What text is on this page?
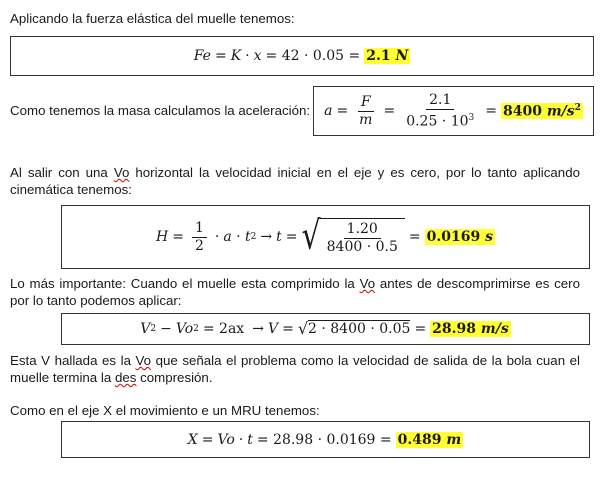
Aplicando la fuerza elástica del muelle tenemos:
Fe = K · x = 42 · 0.05 = 2.1 N
Como tenemos la masa calculamos la aceleración: $a = \frac{F}{m} = \frac{2.1}{0.25 \cdot 10^3} = 8400$ $m/s^2$
Al salir con una Vo horizontal la velocidad inicial en el eje y es cero, por lo tanto aplicando cinemática tenemos:
$H = \frac{1}{2} \cdot a \cdot t$ 2 → t = √ $\frac{1.20}{8400 \cdot 0.5} = 0.0169$ s
Lo más importante: Cuando el muelle esta comprimido la Vo antes de descomprimirse es cero por lo tanto podemos aplicar:
V 2 − Vo 2 = 2ax → V = √ 2 · 8400 · 0.05 = 28.98 m/s
Esta V hallada es la Vo que señala el problema como la velocidad de salida de la bola cuan el muelle termina la des compresión.
Como en el eje X el movimiento e un MRU tenemos:
X = Vo · t = 28.98 · 0.0169 = 0.489 m
